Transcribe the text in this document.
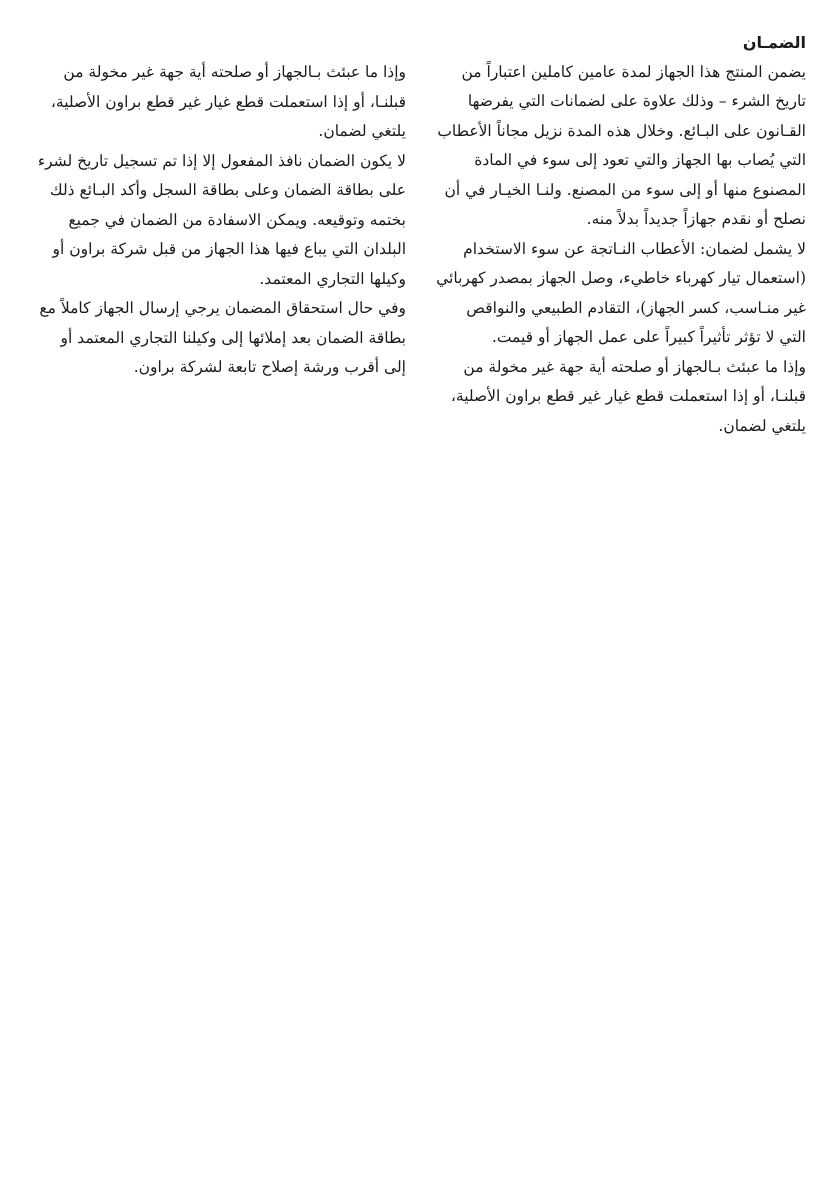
الضمـان

يضمن المنتج هذا الجهاز لمدة عامين كاملين اعتباراً من تاريخ الشرء – وذلك علاوة على لضمانات التي يفرضها القـانون على البـائع. وخلال هذه المدة نزيل مجاناً الأعطاب التي يُصاب بها الجهاز والتي تعود إلى سوء في المادة المصنوع منها أو إلى سوء من المصنع. ولنـا الخيـار في أن نصلح أو نقدم جهازاً جديداً بدلاً منه.

لا يشمل لضمان: الأعطاب النـاتجة عن سوء الاستخدام (استعمال تيار كهرباء خاطيء، وصل الجهاز بمصدر كهربائي غير منـاسب، كسر الجهاز)، التقادم الطبيعي والنواقص التي لا تؤثر تأثيراً كبيراً على عمل الجهاز أو قيمت.

وإذا ما عبئث بـالجهاز أو صلحته أية جهة غير مخولة من قبلنـا، أو إذا استعملت قطع غيار غير قطع براون الأصلية، يلتغي لضمان.

وإذا ما عبئث بـالجهاز أو صلحته أية جهة غير مخولة من قبلنـا، أو إذا استعملت قطع غيار غير قطع براون الأصلية، يلتغي لضمان.

لا يكون الضمان نافذ المفعول إلا إذا تم تسجيل تاريخ لشرء على بطاقة الضمان وعلى بطاقة السجل وأكد البـائع ذلك بختمه وتوقيعه. ويمكن الاسفادة من الضمان في جميع البلدان التي يباع فيها هذا الجهاز من قبل شركة براون أو وكيلها التجاري المعتمد.

وفي حال استحقاق المضمان يرجي إرسال الجهاز كاملاً مع بطاقة الضمان بعد إملائها إلى وكيلنا التجاري المعتمد أو إلى أقرب ورشة إصلاح تابعة لشركة براون.
